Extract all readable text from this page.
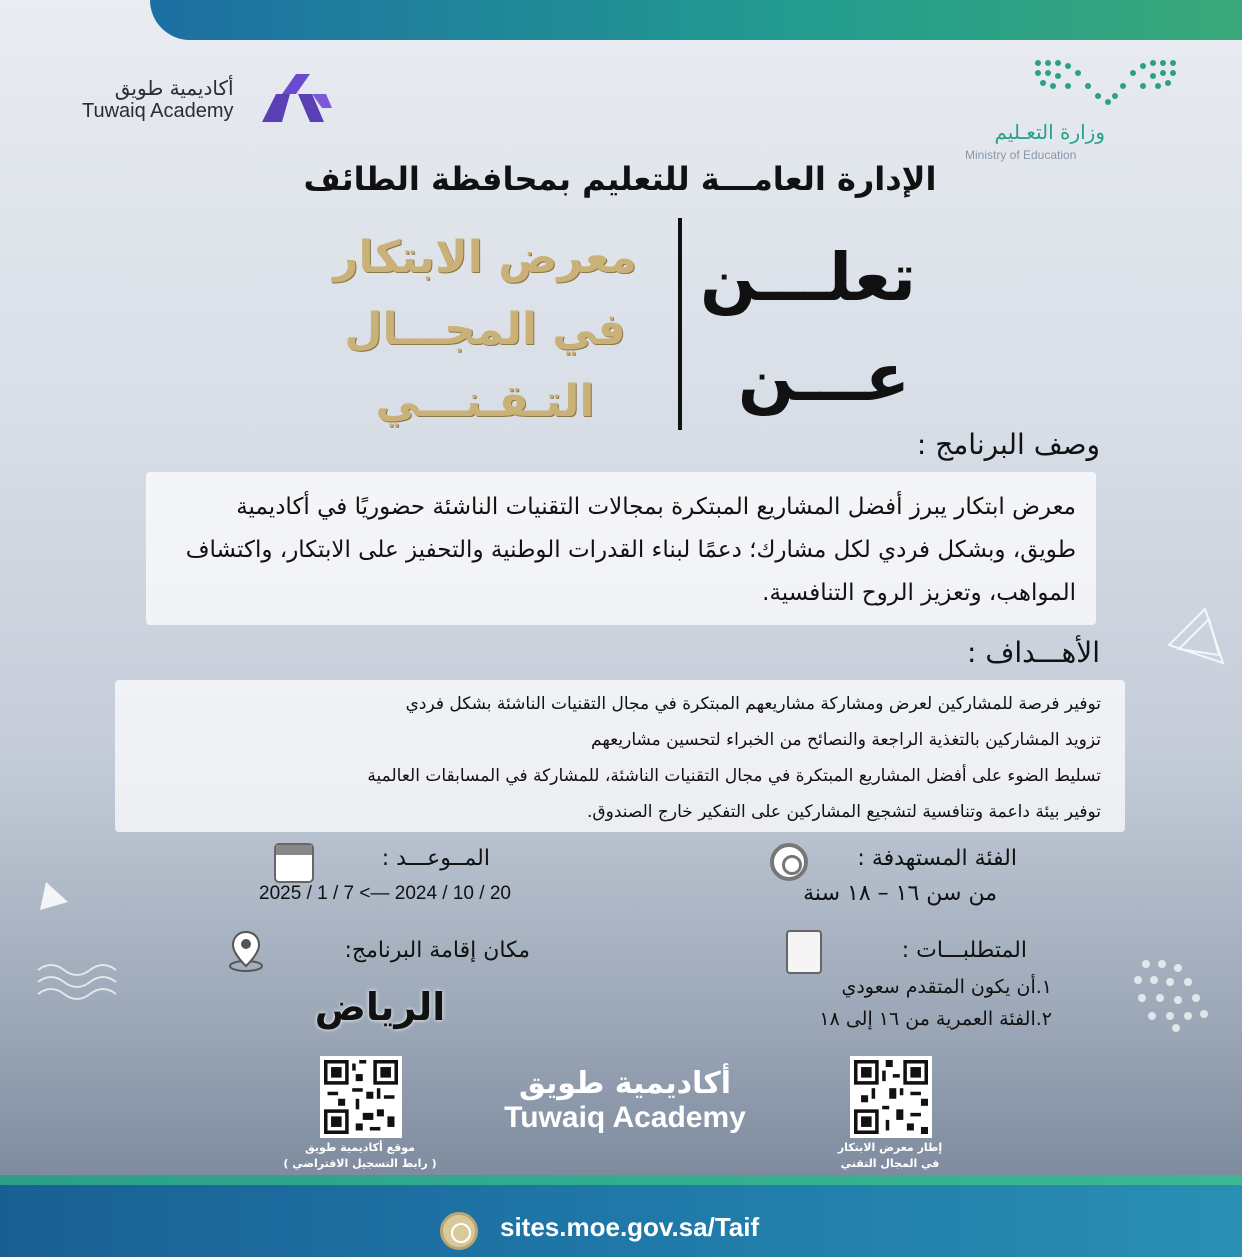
أكاديمية طويق
Tuwaiq Academy
وزارة التعـليم
Ministry of Education
الإدارة العامـــة للتعليم بمحافظة الطائف
تعلـــن
عـــن
معرض الابتكار
في المجـــال
التـقـنـــي
وصف البرنامج :
معرض ابتكار يبرز أفضل المشاريع المبتكرة بمجالات التقنيات الناشئة حضوريًا في أكاديمية طويق، وبشكل فردي لكل مشارك؛ دعمًا لبناء القدرات الوطنية والتحفيز على الابتكار، واكتشاف المواهب، وتعزيز الروح التنافسية.
الأهـــداف :
توفير فرصة للمشاركين لعرض ومشاركة مشاريعهم المبتكرة في مجال التقنيات الناشئة بشكل فردي
تزويد المشاركين بالتغذية الراجعة والنصائح من الخبراء لتحسين مشاريعهم
تسليط الضوء على أفضل المشاريع المبتكرة في مجال التقنيات الناشئة، للمشاركة في المسابقات العالمية
توفير بيئة داعمة وتنافسية لتشجيع المشاركين على التفكير خارج الصندوق.
الفئة المستهدفة :
من سن ١٦ – ١٨ سنة
المــوعـــد :
2025 / 1 / 7 <— 2024 / 10 / 20
المتطلبـــات :
١.أن يكون المتقدم سعودي
٢.الفئة العمرية من ١٦ إلى ١٨
مكان إقامة البرنامج:
الرياض
موقع أكاديمية طويق
( رابط التسجيل الافتراضي )
إطار معرض الابتكار
في المجال التقني
أكاديمية طويق
Tuwaiq Academy
sites.moe.gov.sa/Taif
